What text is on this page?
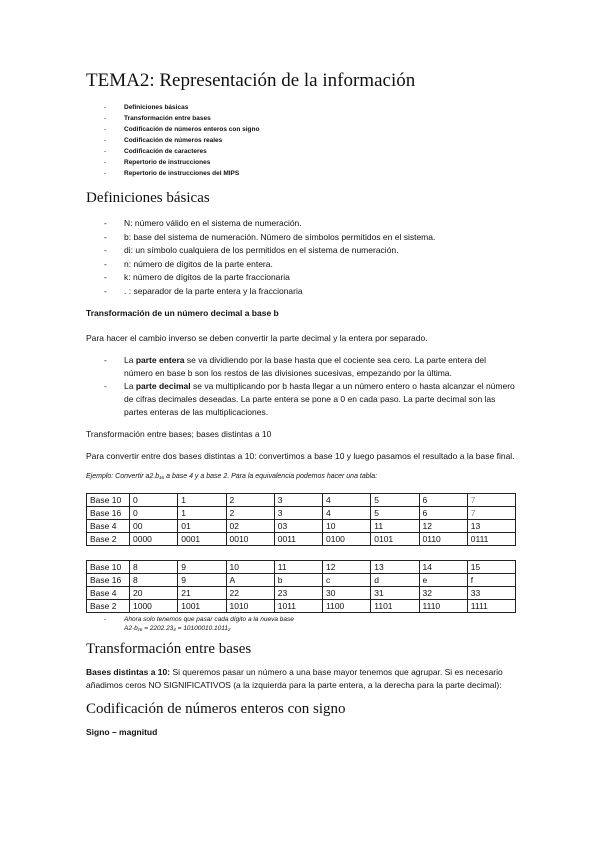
TEMA2: Representación de la información
- Definiciones básicas
- Transformación entre bases
- Codificación de números enteros con signo
- Codificación de números reales
- Codificación de caracteres
- Repertorio de instrucciones
- Repertorio de instrucciones del MIPS
Definiciones básicas
- N: número válido en el sistema de numeración.
- b: base del sistema de numeración. Número de símbolos permitidos en el sistema.
- di: un símbolo cualquiera de los permitidos en el sistema de numeración.
- n: número de dígitos de la parte entera.
- k: número de dígitos de la parte fraccionaria
- . : separador de la parte entera y la fraccionaria

Transformación de un número decimal a base b

Para hacer el cambio inverso se deben convertir la parte decimal y la entera por separado.

- La parte entera se va dividiendo por la base hasta que el cociente sea cero. La parte entera del número en base b son los restos de las divisiones sucesivas, empezando por la última.
- La parte decimal se va multiplicando por b hasta llegar a un número entero o hasta alcanzar el número de cifras decimales deseadas. La parte entera se pone a 0 en cada paso. La parte decimal son las partes enteras de las multiplicaciones.

Transformación entre bases; bases distintas a 10

Para convertir entre dos bases distintas a 10: convertimos a base 10 y luego pasamos el resultado a la base final.

Ejemplo: Convertir a2.b₁₆ a base 4 y a base 2. Para la equivalencia podemos hacer una tabla:

Base 10	0	1	2	3	4	5	6	7
Base 16	0	1	2	3	4	5	6	7
Base 4	00	01	02	03	10	11	12	13
Base 2	0000	0001	0010	0011	0100	0101	0110	0111
Base 10	8	9	10	11	12	13	14	15
Base 16	8	9	A	b	c	d	e	f
Base 4	20	21	22	23	30	31	32	33
Base 2	1000	1001	1010	1011	1100	1101	1110	1111
- Ahora solo tenemos que pasar cada dígito a la nueva base
A2·b₁₆ = 2202.23₄ = 10100010.1011₂
Transformación entre bases

Bases distintas a 10: Si queremos pasar un número a una base mayor tenemos que agrupar. Si es necesario añadimos ceros NO SIGNIFICATIVOS (a la izquierda para la parte entera, a la derecha para la parte decimal):

Codificación de números enteros con signo

Signo – magnitud
